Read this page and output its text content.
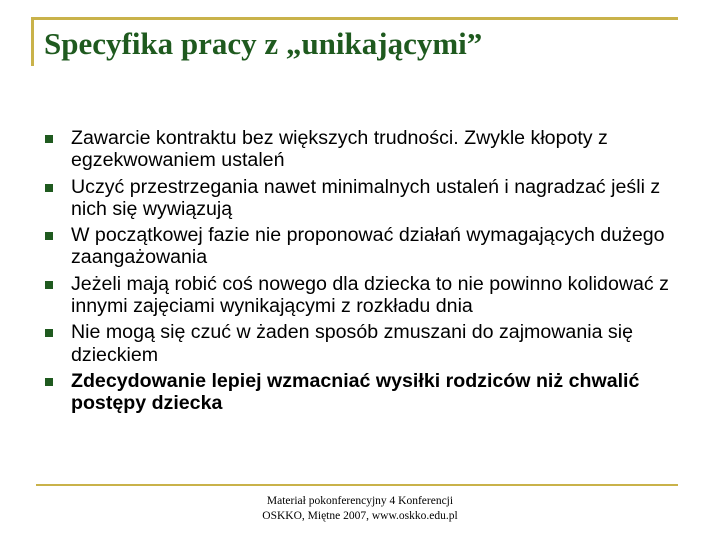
Specyfika pracy z „unikającymi”
Zawarcie kontraktu bez większych trudności. Zwykle kłopoty z egzekwowaniem ustaleń
Uczyć przestrzegania nawet minimalnych ustaleń i nagradzać jeśli z nich się wywiązują
W początkowej fazie nie proponować działań wymagających dużego zaangażowania
Jeżeli mają robić coś nowego dla dziecka to nie powinno kolidować z innymi zajęciami wynikającymi z rozkładu dnia
Nie mogą się czuć w żaden sposób zmuszani do zajmowania się dzieckiem
Zdecydowanie lepiej wzmacniać wysiłki rodziców niż chwalić postępy dziecka
Materiał pokonferencyjny 4 Konferencji
OSKKO, Miętne 2007, www.oskko.edu.pl
